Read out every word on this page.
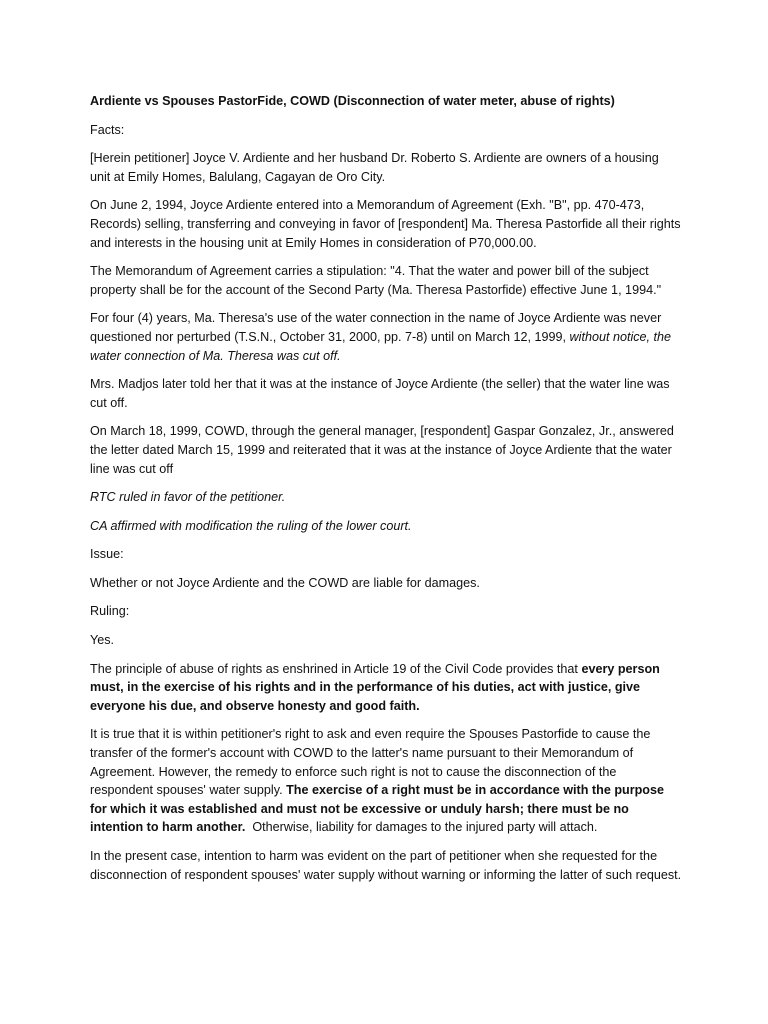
Ardiente vs Spouses PastorFide, COWD (Disconnection of water meter, abuse of rights)

Facts:

[Herein petitioner] Joyce V. Ardiente and her husband Dr. Roberto S. Ardiente are owners of a housing unit at Emily Homes, Balulang, Cagayan de Oro City.

On June 2, 1994, Joyce Ardiente entered into a Memorandum of Agreement (Exh. "B", pp. 470-473, Records) selling, transferring and conveying in favor of [respondent] Ma. Theresa Pastorfide all their rights and interests in the housing unit at Emily Homes in consideration of P70,000.00.

The Memorandum of Agreement carries a stipulation: "4. That the water and power bill of the subject property shall be for the account of the Second Party (Ma. Theresa Pastorfide) effective June 1, 1994."

For four (4) years, Ma. Theresa's use of the water connection in the name of Joyce Ardiente was never questioned nor perturbed (T.S.N., October 31, 2000, pp. 7-8) until on March 12, 1999, without notice, the water connection of Ma. Theresa was cut off.

Mrs. Madjos later told her that it was at the instance of Joyce Ardiente (the seller) that the water line was cut off.

On March 18, 1999, COWD, through the general manager, [respondent] Gaspar Gonzalez, Jr., answered the letter dated March 15, 1999 and reiterated that it was at the instance of Joyce Ardiente that the water line was cut off

RTC ruled in favor of the petitioner.

CA affirmed with modification the ruling of the lower court.

Issue:

Whether or not Joyce Ardiente and the COWD are liable for damages.

Ruling:

Yes.

The principle of abuse of rights as enshrined in Article 19 of the Civil Code provides that every person must, in the exercise of his rights and in the performance of his duties, act with justice, give everyone his due, and observe honesty and good faith.

It is true that it is within petitioner's right to ask and even require the Spouses Pastorfide to cause the transfer of the former's account with COWD to the latter's name pursuant to their Memorandum of Agreement. However, the remedy to enforce such right is not to cause the disconnection of the respondent spouses' water supply. The exercise of a right must be in accordance with the purpose for which it was established and must not be excessive or unduly harsh; there must be no intention to harm another.  Otherwise, liability for damages to the injured party will attach.

In the present case, intention to harm was evident on the part of petitioner when she requested for the disconnection of respondent spouses' water supply without warning or informing the latter of such request.
